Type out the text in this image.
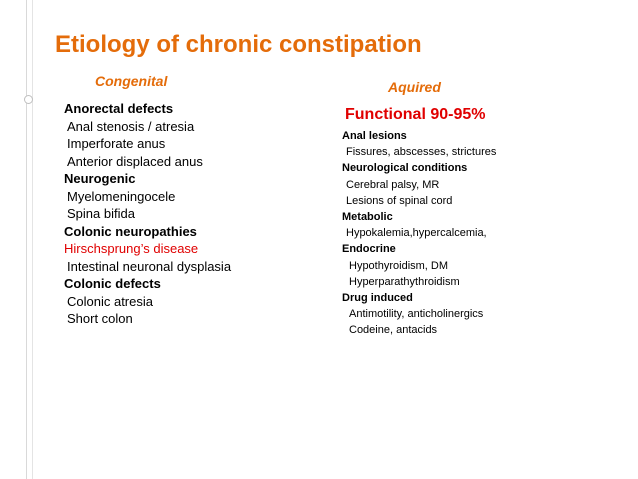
Etiology of chronic constipation
Congenital
Anorectal defects
Anal stenosis / atresia
Imperforate anus
Anterior displaced anus
Neurogenic
Myelomeningocele
Spina bifida
Colonic neuropathies
Hirschsprung’s disease
Intestinal neuronal dysplasia
Colonic defects
Colonic atresia
Short colon
Aquired
Functional 90-95%
Anal lesions
Fissures, abscesses, strictures
Neurological conditions
Cerebral palsy, MR
Lesions of spinal cord
Metabolic
Hypokalemia,hypercalcemia,
Endocrine
Hypothyroidism, DM
Hyperparathythroidism
Drug induced
Antimotility, anticholinergics
Codeine, antacids
